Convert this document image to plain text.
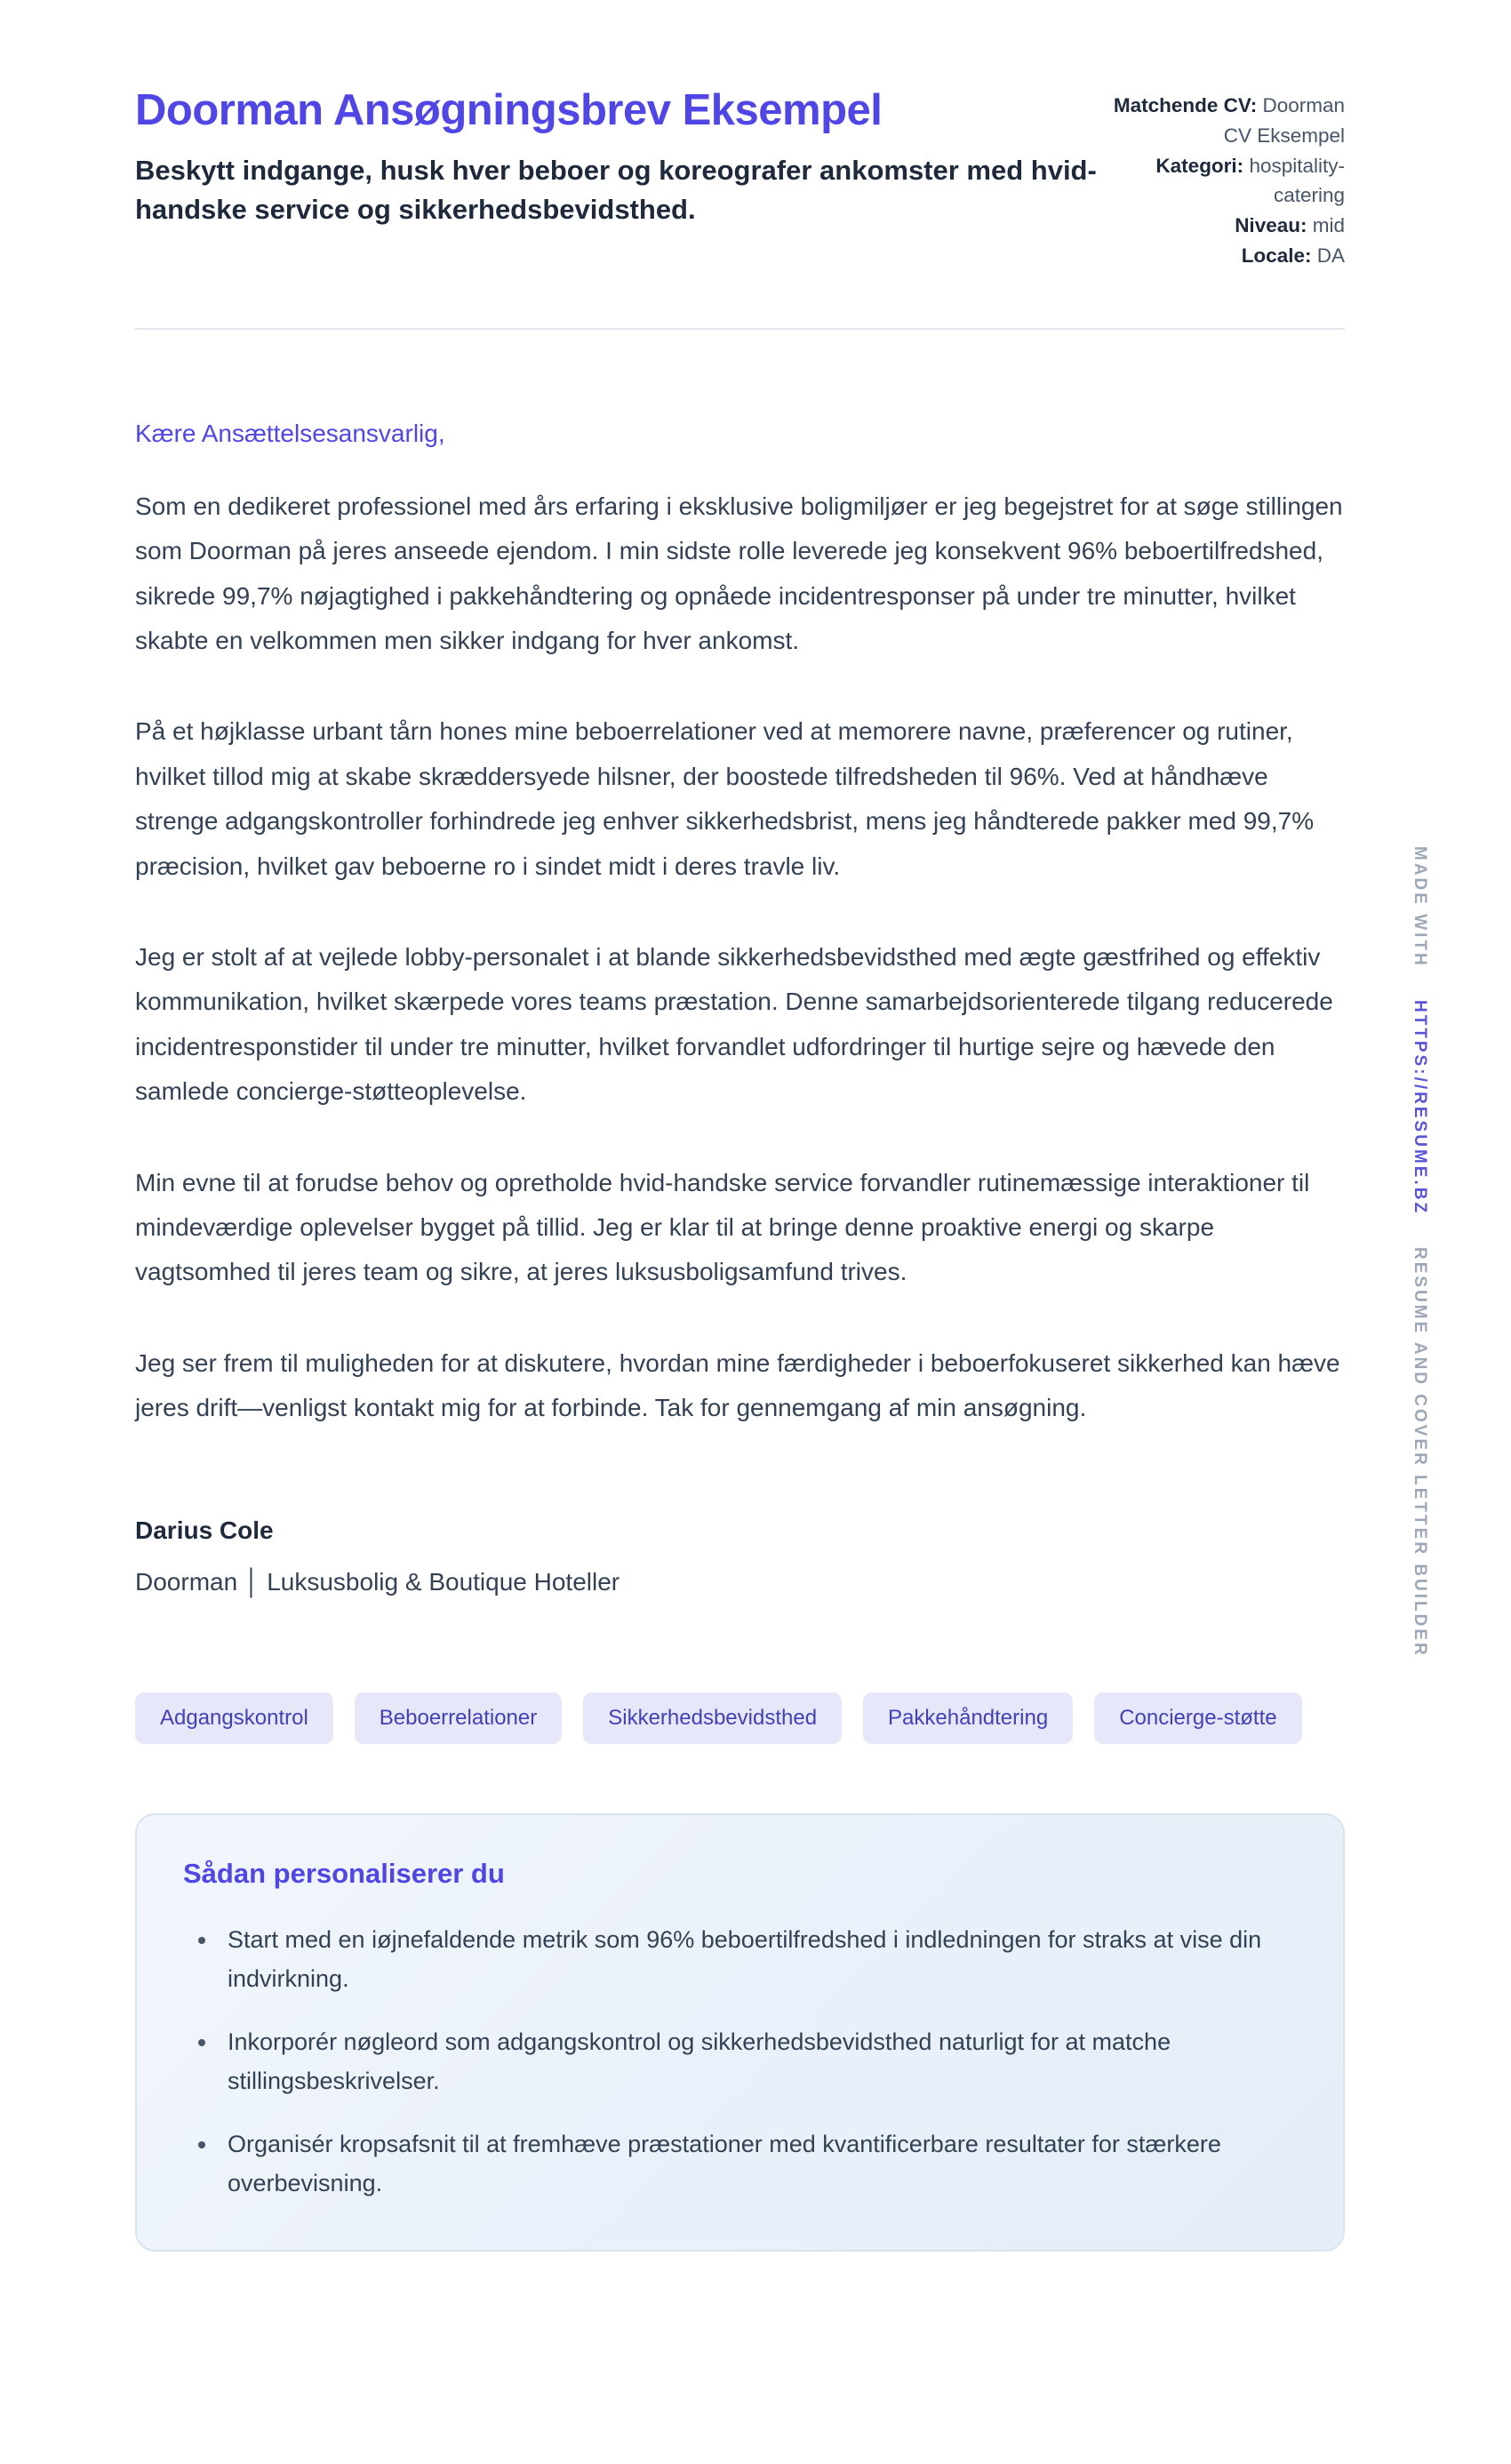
Doorman Ansøgningsbrev Eksempel

Beskytt indgange, husk hver beboer og koreografer ankomster med hvid-handske service og sikkerhedsbevidsthed.

Matchende CV: Doorman CV Eksempel
Kategori: hospitality-catering
Niveau: mid
Locale: DA

Kære Ansættelsesansvarlig,

Som en dedikeret professionel med års erfaring i eksklusive boligmiljøer er jeg begejstret for at søge stillingen som Doorman på jeres anseede ejendom. I min sidste rolle leverede jeg konsekvent 96% beboertilfredshed, sikrede 99,7% nøjagtighed i pakkehåndtering og opnåede incidentresponser på under tre minutter, hvilket skabte en velkommen men sikker indgang for hver ankomst.

På et højklasse urbant tårn hones mine beboerrelationer ved at memorere navne, præferencer og rutiner, hvilket tillod mig at skabe skræddersyede hilsner, der boostede tilfredsheden til 96%. Ved at håndhæve strenge adgangskontroller forhindrede jeg enhver sikkerhedsbrist, mens jeg håndterede pakker med 99,7% præcision, hvilket gav beboerne ro i sindet midt i deres travle liv.

Jeg er stolt af at vejlede lobby-personalet i at blande sikkerhedsbevidsthed med ægte gæstfrihed og effektiv kommunikation, hvilket skærpede vores teams præstation. Denne samarbejdsorienterede tilgang reducerede incidentresponstider til under tre minutter, hvilket forvandlet udfordringer til hurtige sejre og hævede den samlede concierge-støtteoplevelse.

Min evne til at forudse behov og opretholde hvid-handske service forvandler rutinemæssige interaktioner til mindeværdige oplevelser bygget på tillid. Jeg er klar til at bringe denne proaktive energi og skarpe vagtsomhed til jeres team og sikre, at jeres luksusboligsamfund trives.

Jeg ser frem til muligheden for at diskutere, hvordan mine færdigheder i beboerfokuseret sikkerhed kan hæve jeres drift—venligst kontakt mig for at forbinde. Tak for gennemgang af min ansøgning.

Darius Cole

Doorman │ Luksusbolig & Boutique Hoteller

Adgangskontrol	Beboerrelationer	Sikkerhedsbevidsthed	Pakkehåndtering	Concierge-støtte
Sådan personaliserer du
• Start med en iøjnefaldende metrik som 96% beboertilfredshed i indledningen for straks at vise din indvirkning.
• Inkorporér nøgleord som adgangskontrol og sikkerhedsbevidsthed naturligt for at matche stillingsbeskrivelser.
• Organisér kropsafsnit til at fremhæve præstationer med kvantificerbare resultater for stærkere overbevisning.
MADE WITH HTTPS://RESUME.BZ RESUME AND COVER LETTER BUILDER
